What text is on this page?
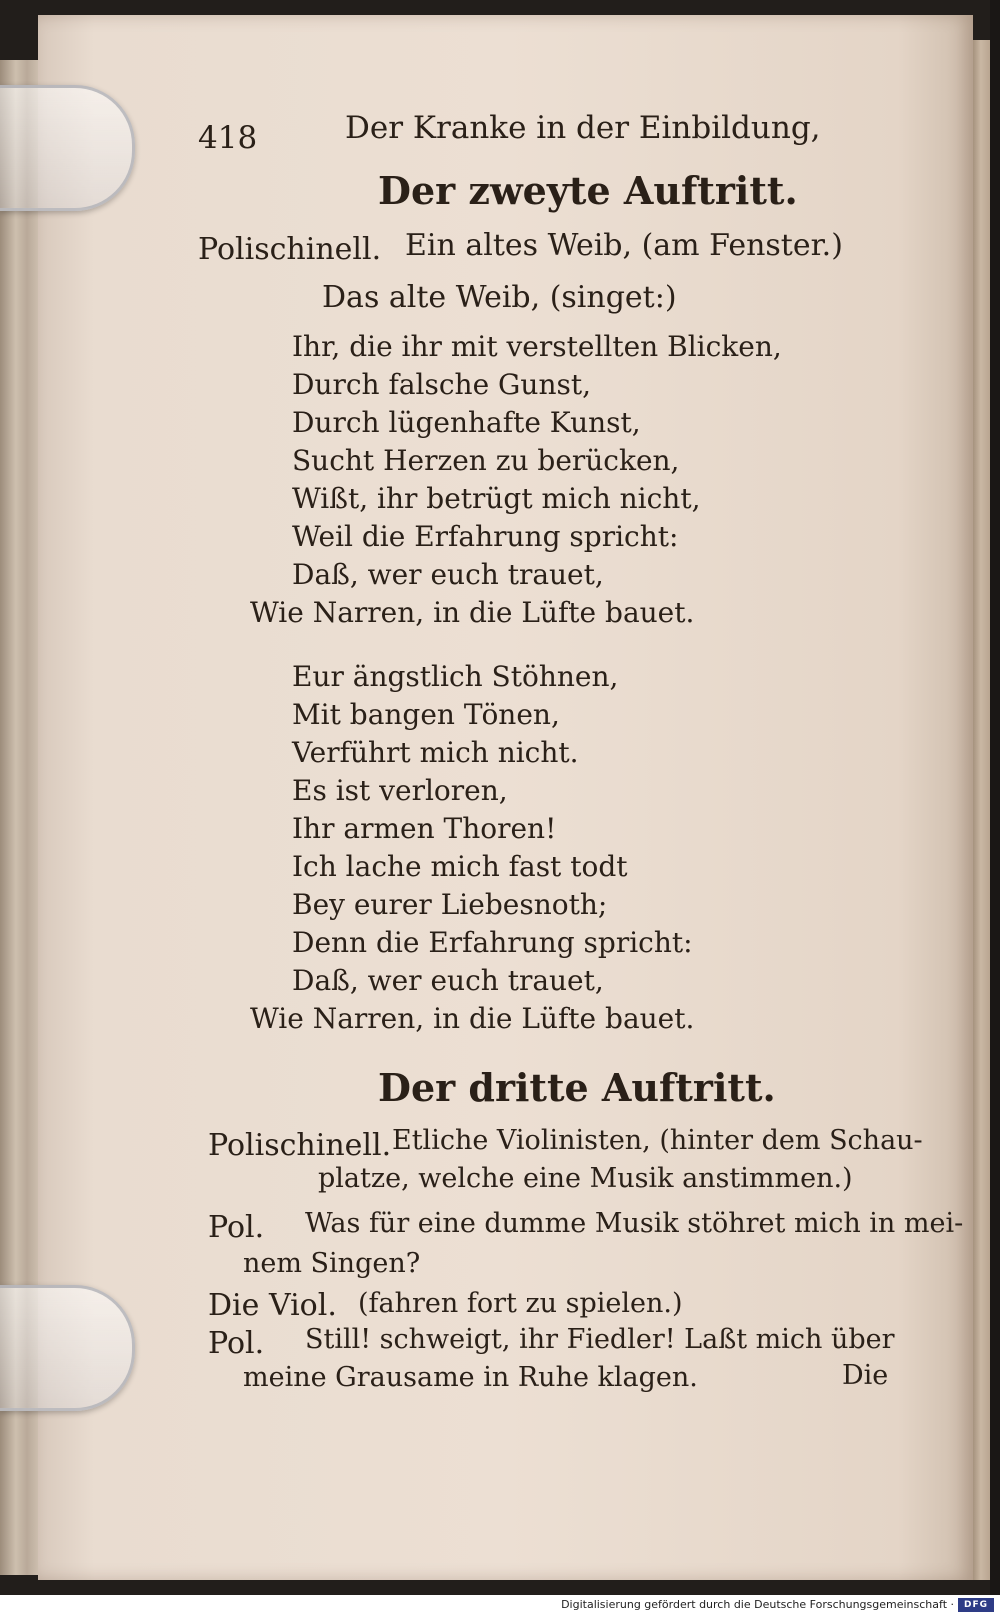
418	Der Kranke in der Einbildung,

Der zweyte Auftritt.

Polischinell. Ein altes Weib, (am Fenster.)

Das alte Weib, (singet:)

Ihr, die ihr mit verstellten Blicken,

Durch falsche Gunst,

Durch lügenhafte Kunst,

Sucht Herzen zu berücken,

Wißt, ihr betrügt mich nicht,

Weil die Erfahrung spricht:

Daß, wer euch trauet,

Wie Narren, in die Lüfte bauet.

Eur ängstlich Stöhnen,

Mit bangen Tönen,

Verführt mich nicht.

Es ist verloren,

Ihr armen Thoren!

Ich lache mich fast todt

Bey eurer Liebesnoth;

Denn die Erfahrung spricht:

Daß, wer euch trauet,

Wie Narren, in die Lüfte bauet.

Der dritte Auftritt.

Polischinell. Etliche Violinisten, (hinter dem Schau-

platze, welche eine Musik anstimmen.)

Pol. Was für eine dumme Musik stöhret mich in mei-

nem Singen?

Die Viol. (fahren fort zu spielen.)

Pol. Still! schweigt, ihr Fiedler! Laßt mich über

meine Grausame in Ruhe klagen.	Die

Digitalisierung gefördert durch die Deutsche Forschungsgemeinschaft ·	DFG
